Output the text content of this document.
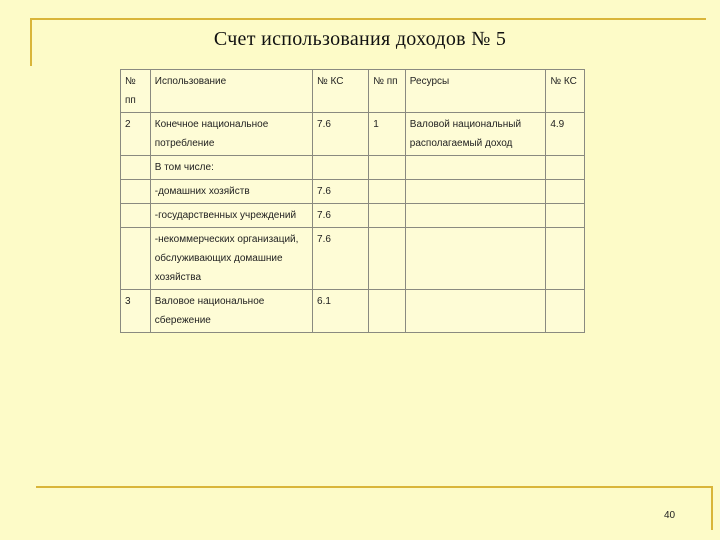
Счет использования доходов № 5
№ пп	Использование	№ КС	№ пп	Ресурсы	№ КС
2	Конечное национальное потребление	7.6	1	Валовой национальный располагаемый доход	4.9
	В том числе:				
	-домашних хозяйств	7.6			
	-государственных учреждений	7.6			
	-некоммерческих организаций, обслуживающих домашние хозяйства	7.6			
3	Валовое национальное сбережение	6.1			
40
